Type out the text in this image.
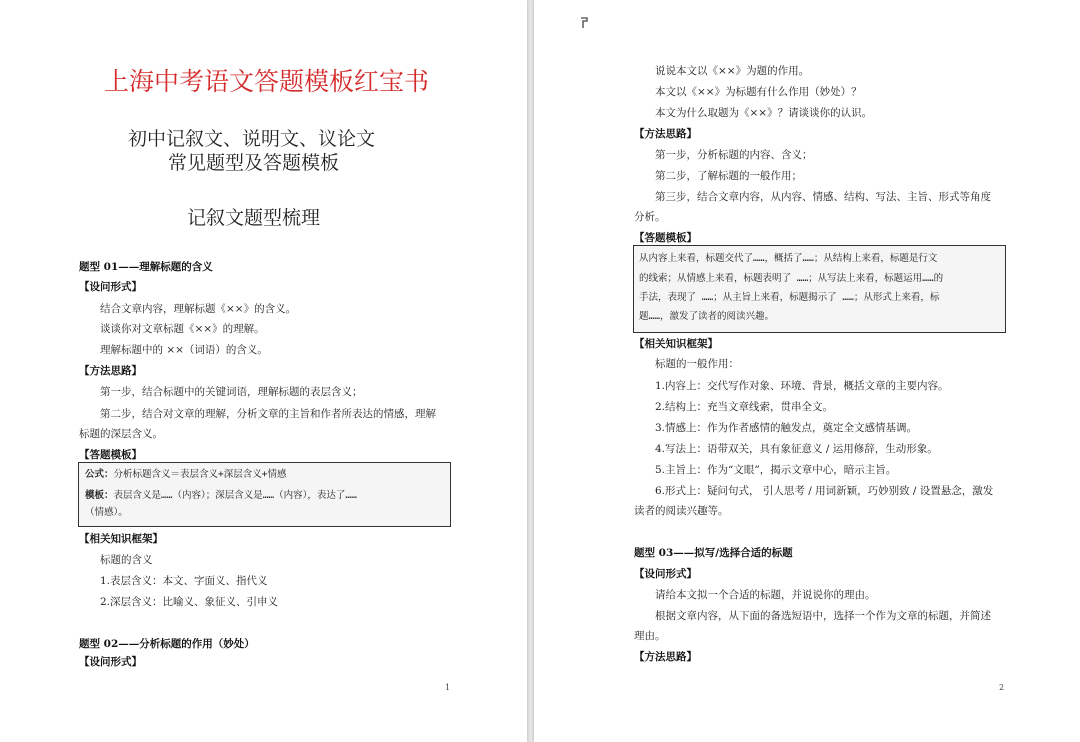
上海中考语文答题模板红宝书
初中记叙文、说明文、议论文
常见题型及答题模板
记叙文题型梳理
题型 01——理解标题的含义
【设问形式】
结合文章内容，理解标题《××》的含义。
谈谈你对文章标题《××》的理解。
理解标题中的 ××（词语）的含义。
【方法思路】
第一步，结合标题中的关键词语，理解标题的表层含义；
第二步，结合对文章的理解，分析文章的主旨和作者所表达的情感，理解
标题的深层含义。
【答题模板】
公式：分析标题含义＝表层含义+深层含义+情感
模板：表层含义是……（内容）；深层含义是……（内容），表达了……
（情感）。
【相关知识框架】
标题的含义
1.表层含义：本文、字面义、指代义
2.深层含义：比喻义、象征义、引申义
题型 02——分析标题的作用（妙处）
【设问形式】
1
说说本文以《××》为题的作用。
本文以《××》为标题有什么作用（妙处）？
本文为什么取题为《××》？请谈谈你的认识。
【方法思路】
第一步，分析标题的内容、含义；
第二步，了解标题的一般作用；
第三步，结合文章内容，从内容、情感、结构、写法、主旨、形式等角度
分析。
【答题模板】
从内容上来看，标题交代了……，概括了……；从结构上来看，标题是行文
的线索；从情感上来看，标题表明了 ……；从写法上来看，标题运用……的
手法，表现了 ……；从主旨上来看，标题揭示了 ……；从形式上来看，标
题……，激发了读者的阅读兴趣。
【相关知识框架】
标题的一般作用：
1.内容上：交代写作对象、环境、背景，概括文章的主要内容。
2.结构上：充当文章线索，贯串全文。
3.情感上：作为作者感情的触发点，奠定全文感情基调。
4.写法上：语带双关，具有象征意义 / 运用修辞，生动形象。
5.主旨上：作为“文眼”，揭示文章中心，暗示主旨。
6.形式上：疑问句式， 引人思考 / 用词新颖，巧妙别致 / 设置悬念，激发
读者的阅读兴趣等。
题型 03——拟写/选择合适的标题
【设问形式】
请给本文拟一个合适的标题，并说说你的理由。
根据文章内容，从下面的备选短语中，选择一个作为文章的标题，并简述
理由。
【方法思路】
2
